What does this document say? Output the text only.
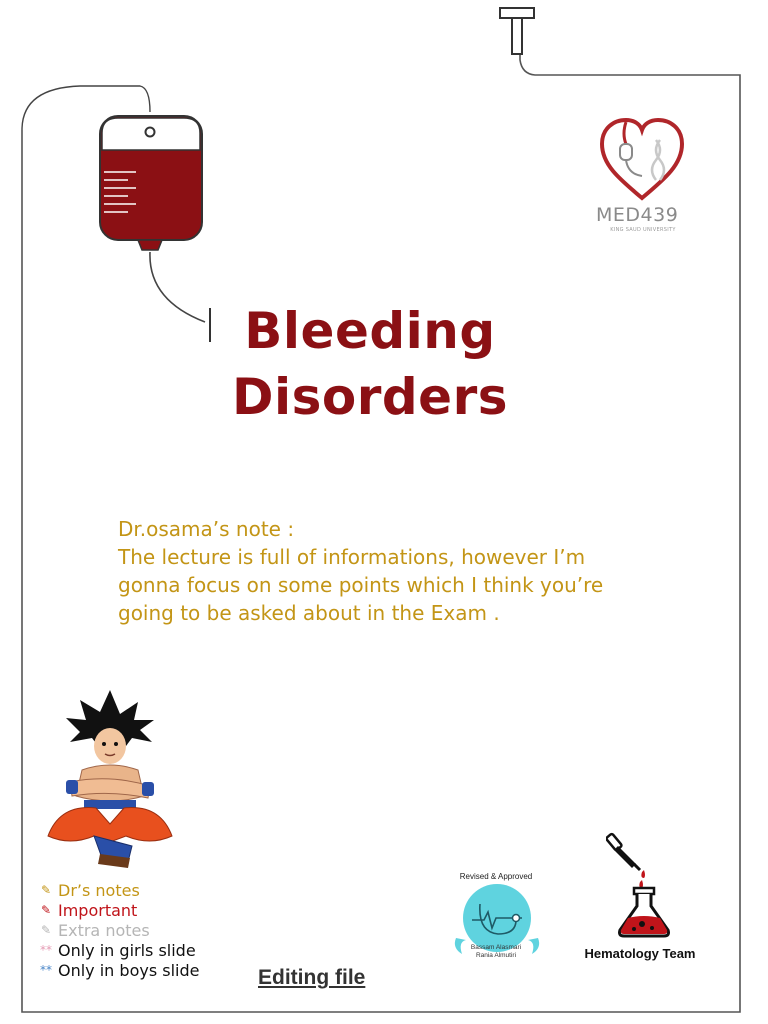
MED439
KING SAUD UNIVERSITY
Bleeding
Disorders
Dr.osama’s note :
The lecture is full of informations, however I’m
gonna focus on some points which I think you’re
going to be asked about in the Exam .
✎ Dr’s notes
✎ Important
✎ Extra notes
** Only in girls slide
** Only in boys slide	Editing file
Revised & Approved
Bassam Alasmari
Rania Almutiri	Hematology Team
